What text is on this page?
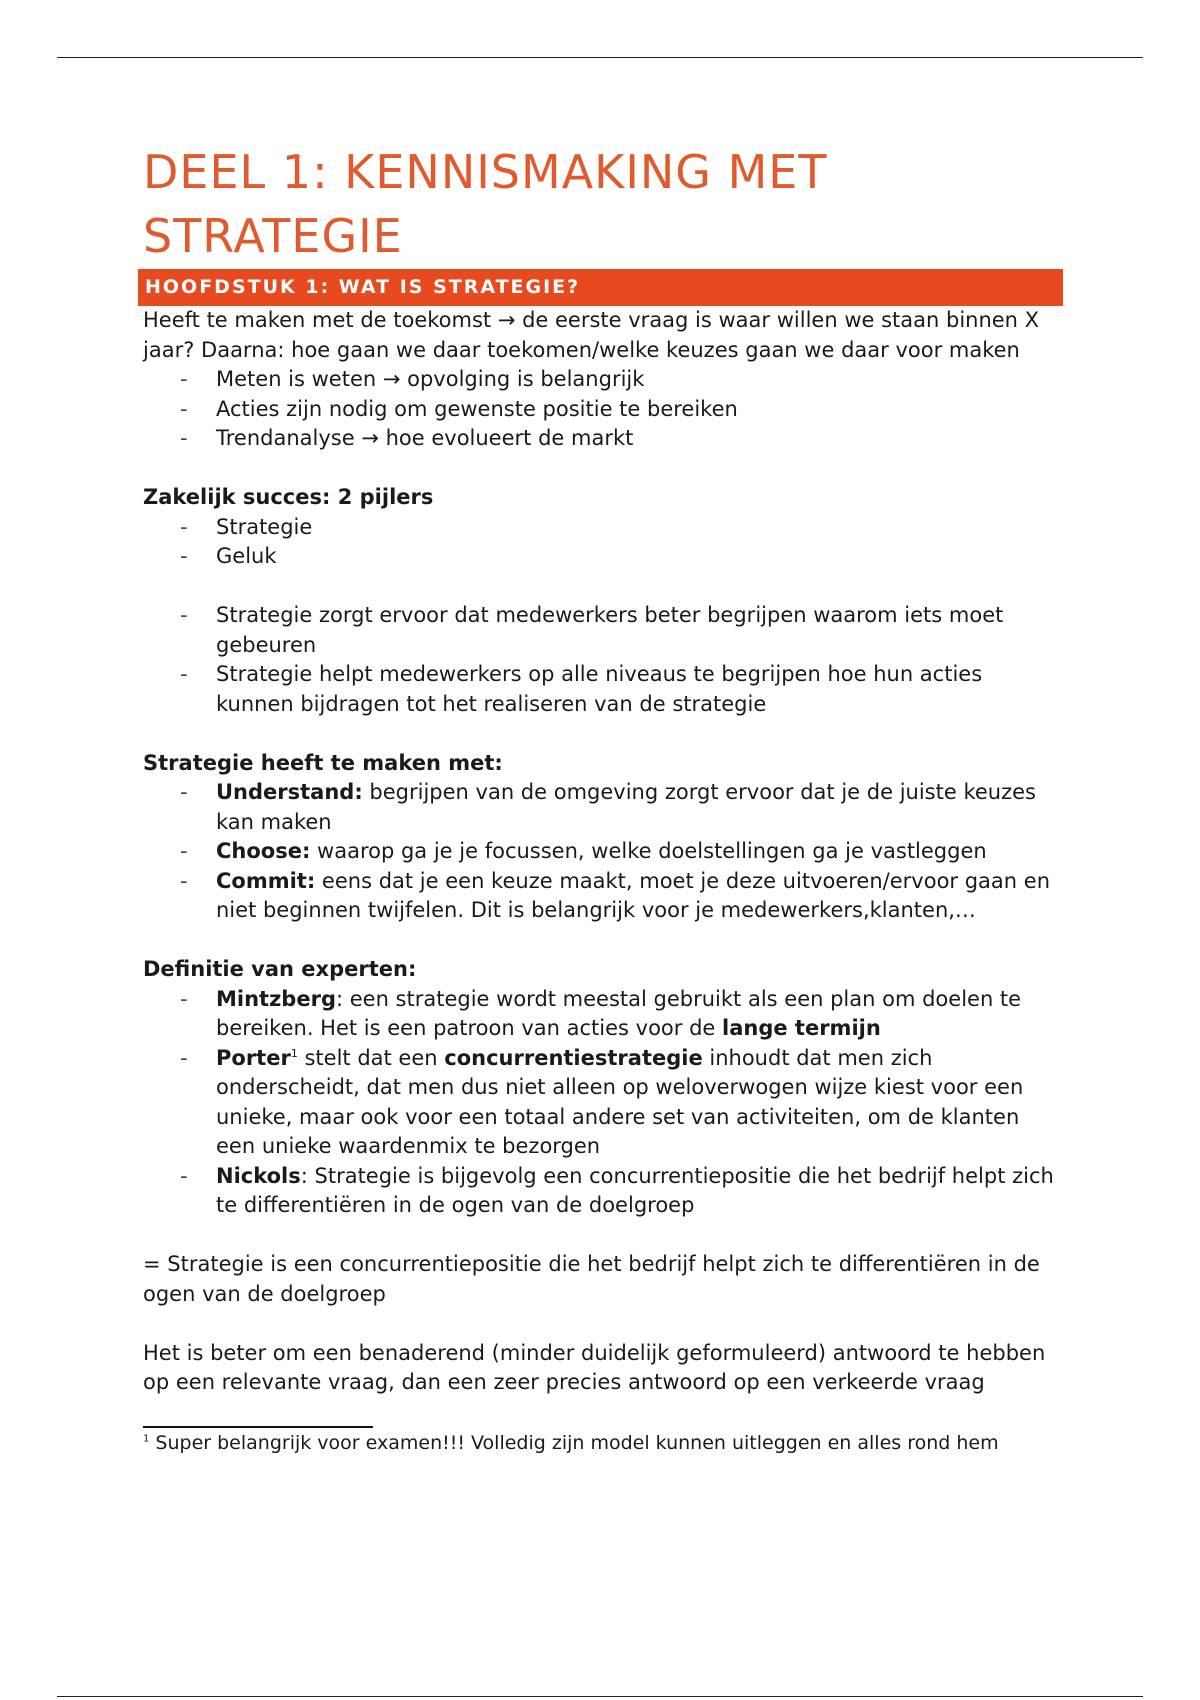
DEEL 1: KENNISMAKING MET
STRATEGIE
HOOFDSTUK 1: WAT IS STRATEGIE?

Heeft te maken met de toekomst → de eerste vraag is waar willen we staan binnen X jaar? Daarna: hoe gaan we daar toekomen/welke keuzes gaan we daar voor maken

- Meten is weten → opvolging is belangrijk
- Acties zijn nodig om gewenste positie te bereiken
- Trendanalyse → hoe evolueert de markt

Zakelijk succes: 2 pijlers

- Strategie
- Geluk
- Strategie zorgt ervoor dat medewerkers beter begrijpen waarom iets moet gebeuren
- Strategie helpt medewerkers op alle niveaus te begrijpen hoe hun acties kunnen bijdragen tot het realiseren van de strategie

Strategie heeft te maken met:

- Understand: begrijpen van de omgeving zorgt ervoor dat je de juiste keuzes kan maken
- Choose: waarop ga je je focussen, welke doelstellingen ga je vastleggen
- Commit: eens dat je een keuze maakt, moet je deze uitvoeren/ervoor gaan en niet beginnen twijfelen. Dit is belangrijk voor je medewerkers,klanten,…

Definitie van experten:

- Mintzberg: een strategie wordt meestal gebruikt als een plan om doelen te bereiken. Het is een patroon van acties voor de lange termijn
- Porter$^1$ stelt dat een concurrentiestrategie inhoudt dat men zich onderscheidt, dat men dus niet alleen op weloverwogen wijze kiest voor een unieke, maar ook voor een totaal andere set van activiteiten, om de klanten een unieke waardenmix te bezorgen
- Nickols: Strategie is bijgevolg een concurrentiepositie die het bedrijf helpt zich te differentiëren in de ogen van de doelgroep

= Strategie is een concurrentiepositie die het bedrijf helpt zich te differentiëren in de ogen van de doelgroep

Het is beter om een benaderend (minder duidelijk geformuleerd) antwoord te hebben op een relevante vraag, dan een zeer precies antwoord op een verkeerde vraag

$^1$ Super belangrijk voor examen!!! Volledig zijn model kunnen uitleggen en alles rond hem
